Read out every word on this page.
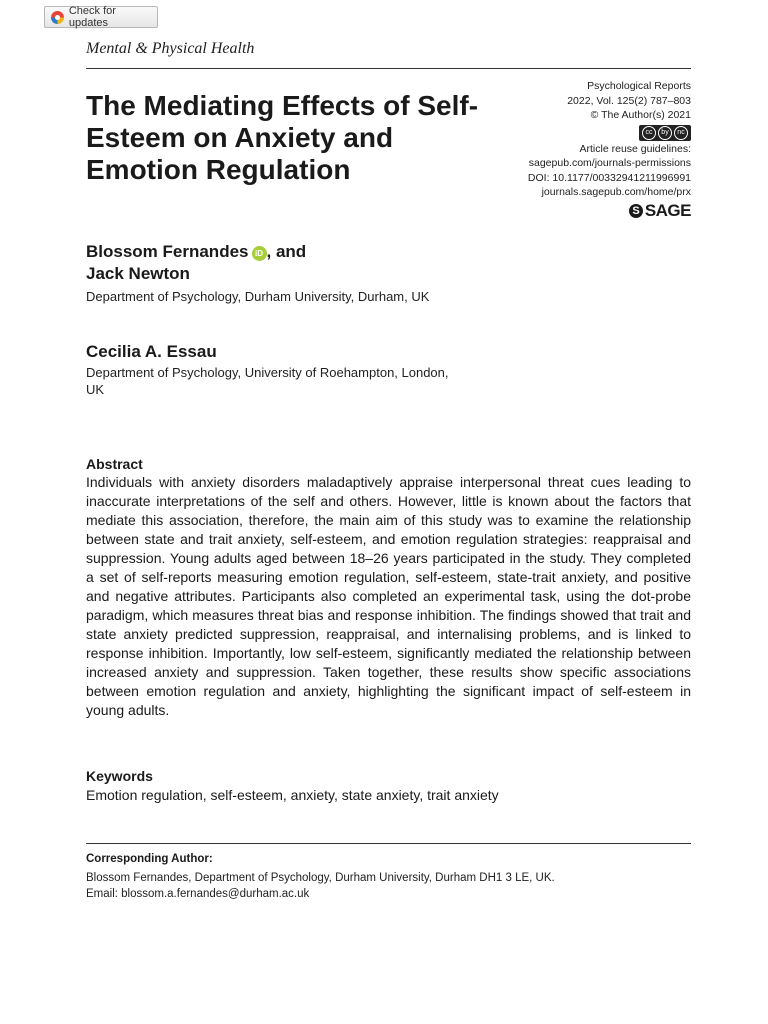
Check for updates
Mental & Physical Health
The Mediating Effects of Self-Esteem on Anxiety and Emotion Regulation
Psychological Reports
2022, Vol. 125(2) 787–803
© The Author(s) 2021
cc	by	nc
Article reuse guidelines:
sagepub.com/journals-permissions
DOI: 10.1177/00332941211996991
journals.sagepub.com/home/prx
S SAGE
Blossom Fernandes iD , and
Jack Newton
Department of Psychology, Durham University, Durham, UK
Cecilia A. Essau
Department of Psychology, University of Roehampton, London, UK
Abstract

Individuals with anxiety disorders maladaptively appraise interpersonal threat cues leading to inaccurate interpretations of the self and others. However, little is known about the factors that mediate this association, therefore, the main aim of this study was to examine the relationship between state and trait anxiety, self-esteem, and emotion regulation strategies: reappraisal and suppression. Young adults aged between 18–26 years participated in the study. They completed a set of self-reports measuring emotion regulation, self-esteem, state-trait anxiety, and positive and negative attributes. Participants also completed an experimental task, using the dot-probe paradigm, which measures threat bias and response inhibition. The findings showed that trait and state anxiety predicted suppression, reappraisal, and internalising problems, and is linked to response inhibition. Importantly, low self-esteem, significantly mediated the relationship between increased anxiety and suppression. Taken together, these results show specific associations between emotion regulation and anxiety, highlighting the significant impact of self-esteem in young adults.

Keywords
Emotion regulation, self-esteem, anxiety, state anxiety, trait anxiety
Corresponding Author:
Blossom Fernandes, Department of Psychology, Durham University, Durham DH1 3 LE, UK.
Email: blossom.a.fernandes@durham.ac.uk
